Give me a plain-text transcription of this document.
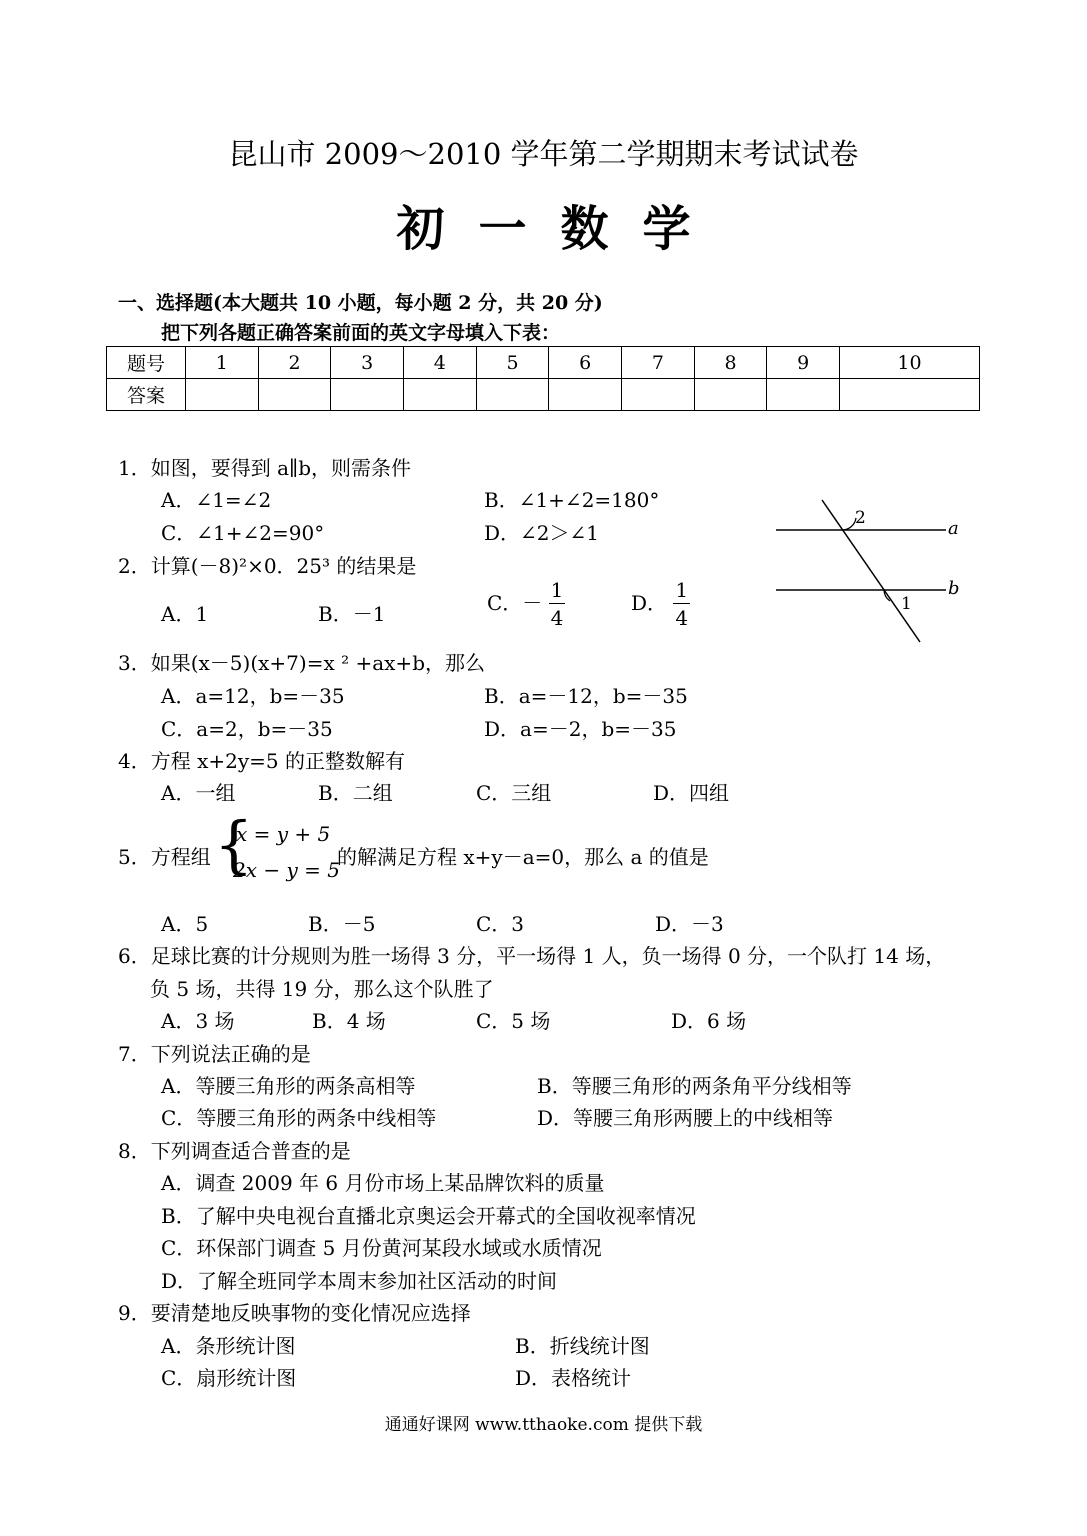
昆山市 2009～2010 学年第二学期期末考试试卷
初一数学
一、选择题(本大题共 10 小题，每小题 2 分，共 20 分)
把下列各题正确答案前面的英文字母填入下表：
题号	1	2	3	4	5	6	7	8	9	10
答案										
1．如图，要得到 a∥b，则需条件
A．∠1=∠2	B．∠1+∠2=180°
C．∠1+∠2=90°	D．∠2＞∠1
2
1
a
b
2．计算(－8)²×0．25³ 的结果是
A．1	B．－1	C．－ $\frac{1}{4}$	D． $\frac{1}{4}$
3．如果(x－5)(x+7)=x ² +ax+b，那么
A．a=12，b=－35	B．a=－12，b=－35
C．a=2，b=－35	D．a=－2，b=－35
4．方程 x+2y=5 的正整数解有
A．一组	B．二组	C．三组	D．四组
5．方程组 {
x = y + 5
2x − y = 5
的解满足方程 x+y－a=0，那么 a 的值是
A．5	B．－5	C．3	D．－3
6．足球比赛的计分规则为胜一场得 3 分，平一场得 1 人，负一场得 0 分，一个队打 14 场，
负 5 场，共得 19 分，那么这个队胜了
A．3 场	B．4 场	C．5 场	D．6 场
7．下列说法正确的是
A．等腰三角形的两条高相等	B．等腰三角形的两条角平分线相等
C．等腰三角形的两条中线相等	D．等腰三角形两腰上的中线相等
8．下列调查适合普查的是
A．调查 2009 年 6 月份市场上某品牌饮料的质量
B．了解中央电视台直播北京奥运会开幕式的全国收视率情况
C．环保部门调查 5 月份黄河某段水域或水质情况
D．了解全班同学本周末参加社区活动的时间
9．要清楚地反映事物的变化情况应选择
A．条形统计图	B．折线统计图
C．扇形统计图	D．表格统计
通通好课网 www.tthaoke.com 提供下载
